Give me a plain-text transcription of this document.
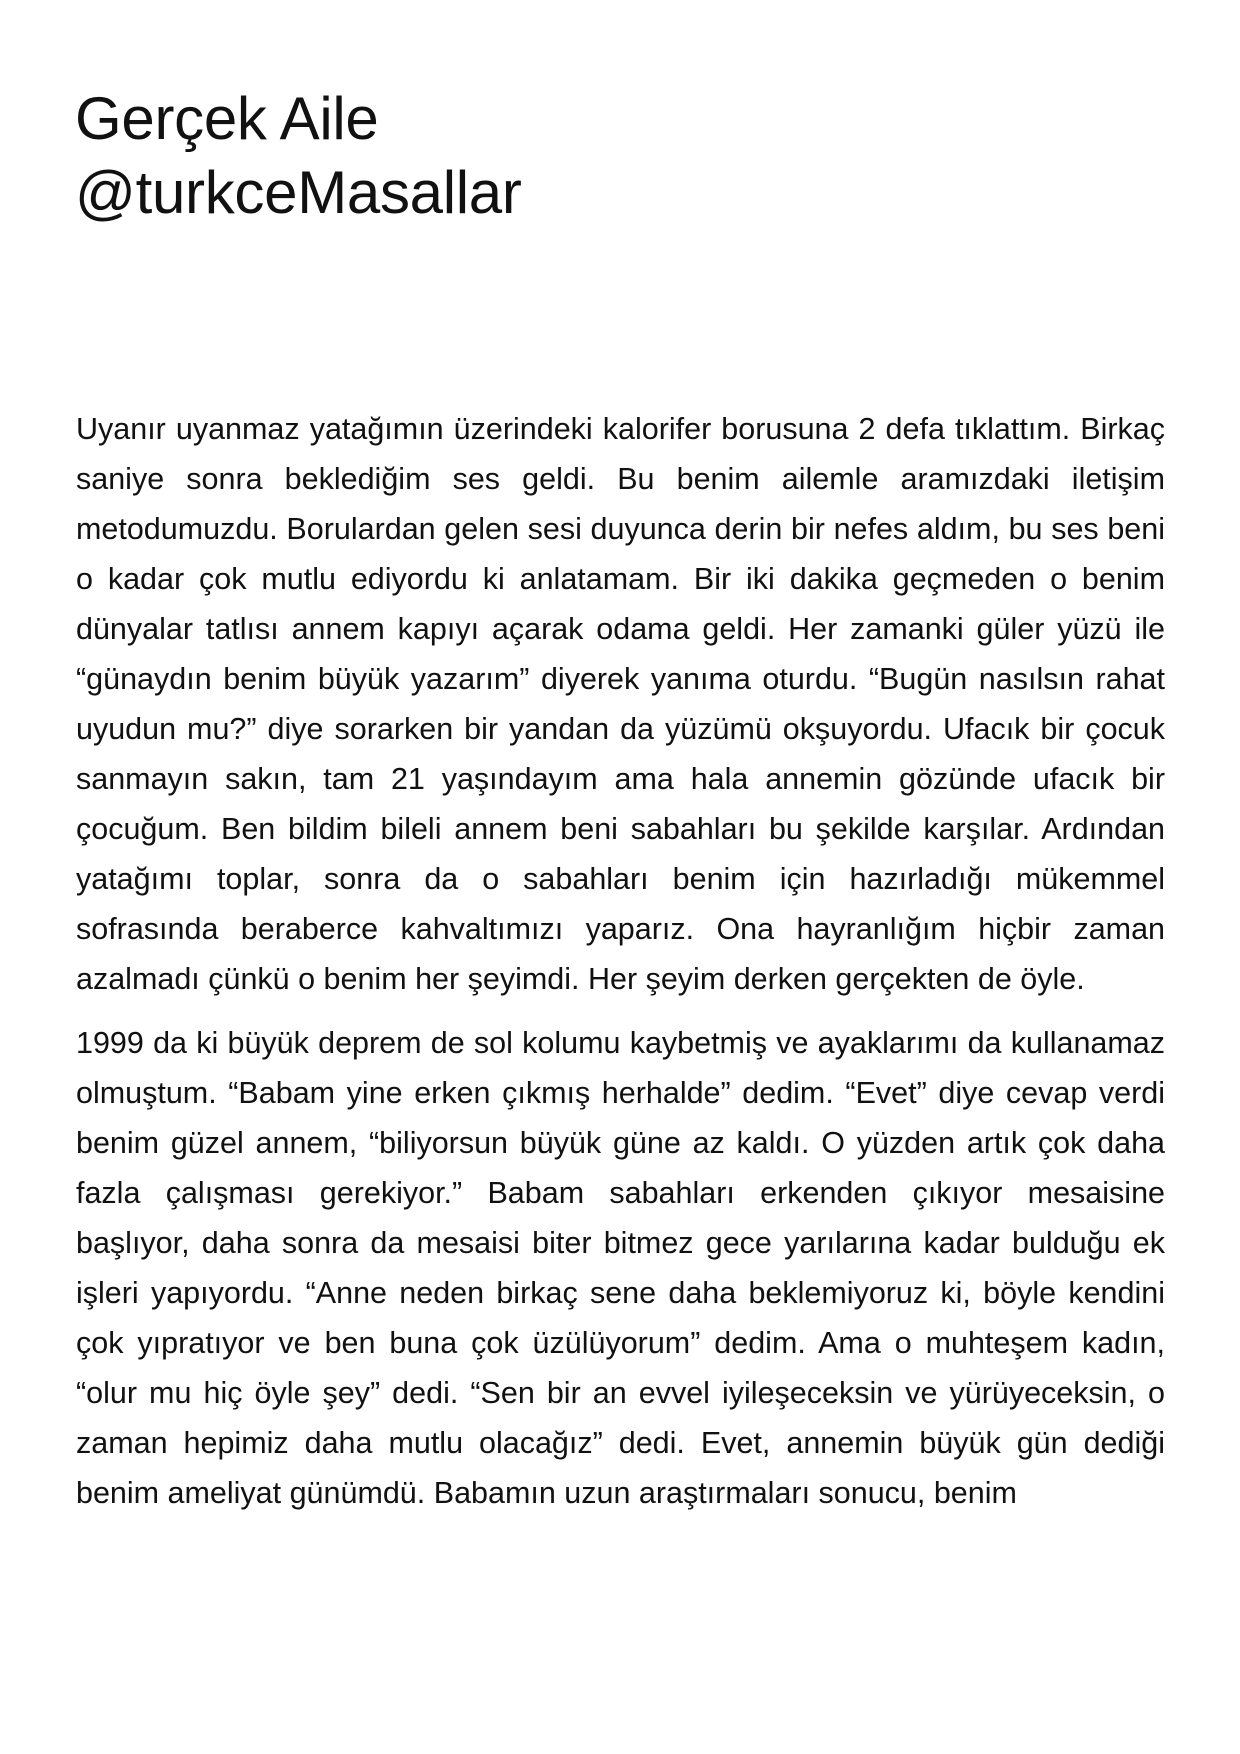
Gerçek Aile
@turkceMasallar

Uyanır uyanmaz yatağımın üzerindeki kalorifer borusuna 2 defa tıklattım. Birkaç saniye sonra beklediğim ses geldi. Bu benim ailemle aramızdaki iletişim metodumuzdu. Borulardan gelen sesi duyunca derin bir nefes aldım, bu ses beni o kadar çok mutlu ediyordu ki anlatamam. Bir iki dakika geçmeden o benim dünyalar tatlısı annem kapıyı açarak odama geldi. Her zamanki güler yüzü ile “günaydın benim büyük yazarım” diyerek yanıma oturdu. “Bugün nasılsın rahat uyudun mu?” diye sorarken bir yandan da yüzümü okşuyordu. Ufacık bir çocuk sanmayın sakın, tam 21 yaşındayım ama hala annemin gözünde ufacık bir çocuğum. Ben bildim bileli annem beni sabahları bu şekilde karşılar. Ardından yatağımı toplar, sonra da o sabahları benim için hazırladığı mükemmel sofrasında beraberce kahvaltımızı yaparız. Ona hayranlığım hiçbir zaman azalmadı çünkü o benim her şeyimdi. Her şeyim derken gerçekten de öyle.

1999 da ki büyük deprem de sol kolumu kaybetmiş ve ayaklarımı da kullanamaz olmuştum. “Babam yine erken çıkmış herhalde” dedim. “Evet” diye cevap verdi benim güzel annem, “biliyorsun büyük güne az kaldı. O yüzden artık çok daha fazla çalışması gerekiyor.” Babam sabahları erkenden çıkıyor mesaisine başlıyor, daha sonra da mesaisi biter bitmez gece yarılarına kadar bulduğu ek işleri yapıyordu. “Anne neden birkaç sene daha beklemiyoruz ki, böyle kendini çok yıpratıyor ve ben buna çok üzülüyorum” dedim. Ama o muhteşem kadın, “olur mu hiç öyle şey” dedi. “Sen bir an evvel iyileşeceksin ve yürüyeceksin, o zaman hepimiz daha mutlu olacağız” dedi. Evet, annemin büyük gün dediği benim ameliyat günümdü. Babamın uzun araştırmaları sonucu, benim
